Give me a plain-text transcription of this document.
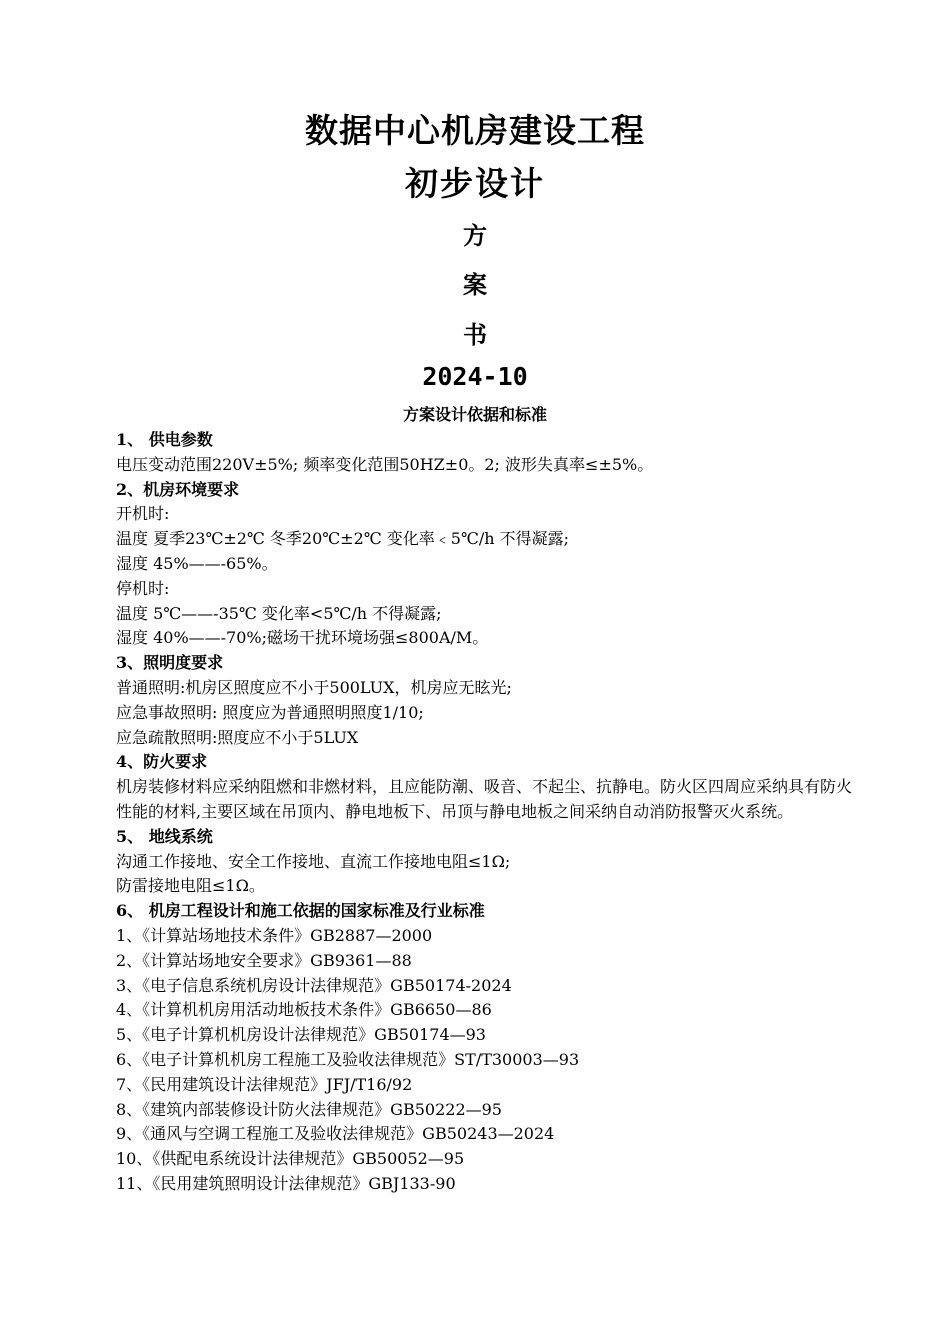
数据中心机房建设工程
初步设计
方
案
书
2024-10
方案设计依据和标准
1、 供电参数
电压变动范围220V±5%; 频率变化范围50HZ±0。2; 波形失真率≤±5%。
2、机房环境要求
开机时:
温度 夏季23℃±2℃ 冬季20℃±2℃ 变化率﹤5℃/h 不得凝露;
湿度 45%——-65%。
停机时:
温度 5℃——-35℃ 变化率<5℃/h 不得凝露;
湿度 40%——-70%;磁场干扰环境场强≤800A/M。
3、照明度要求
普通照明:机房区照度应不小于500LUX，机房应无眩光;
应急事故照明: 照度应为普通照明照度1/10;
应急疏散照明:照度应不小于5LUX
4、防火要求
机房装修材料应采纳阻燃和非燃材料，且应能防潮、吸音、不起尘、抗静电。防火区四周应采纳具有防火性能的材料,主要区域在吊顶内、静电地板下、吊顶与静电地板之间采纳自动消防报警灭火系统。
5、 地线系统
沟通工作接地、安全工作接地、直流工作接地电阻≤1Ω;
防雷接地电阻≤1Ω。
6、 机房工程设计和施工依据的国家标准及行业标准
1、《计算站场地技术条件》GB2887—2000
2、《计算站场地安全要求》GB9361—88
3、《电子信息系统机房设计法律规范》GB50174-2024
4、《计算机机房用活动地板技术条件》GB6650—86
5、《电子计算机机房设计法律规范》GB50174—93
6、《电子计算机机房工程施工及验收法律规范》ST/T30003—93
7、《民用建筑设计法律规范》JFJ/T16/92
8、《建筑内部装修设计防火法律规范》GB50222—95
9、《通风与空调工程施工及验收法律规范》GB50243—2024
10、《供配电系统设计法律规范》GB50052—95
11、《民用建筑照明设计法律规范》GBJ133-90
